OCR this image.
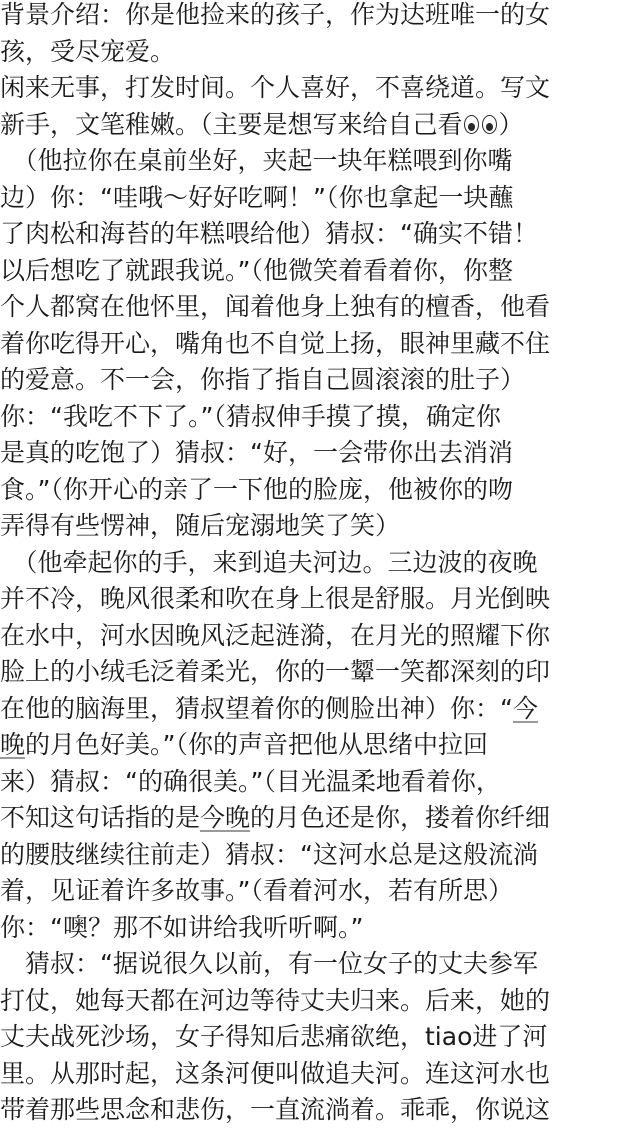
背景介绍：你是他捡来的孩子，作为达班唯一的女
孩，受尽宠爱。
闲来无事，打发时间。个人喜好，不喜绕道。写文
新手，文笔稚嫩。（主要是想写来给自己看 ）
　（他拉你在桌前坐好，夹起一块年糕喂到你嘴
边）你：“哇哦～好好吃啊！”（你也拿起一块蘸
了肉松和海苔的年糕喂给他）猜叔：“确实不错！
以后想吃了就跟我说。”（他微笑着看着你，你整
个人都窝在他怀里，闻着他身上独有的檀香，他看
着你吃得开心，嘴角也不自觉上扬，眼神里藏不住
的爱意。不一会，你指了指自己圆滚滚的肚子）
你：“我吃不下了。”（猜叔伸手摸了摸，确定你
是真的吃饱了）猜叔：“好，一会带你出去消消
食。”（你开心的亲了一下他的脸庞，他被你的吻
弄得有些愣神，随后宠溺地笑了笑）
　（他牵起你的手，来到追夫河边。三边波的夜晚
并不冷，晚风很柔和吹在身上很是舒服。月光倒映
在水中，河水因晚风泛起涟漪，在月光的照耀下你
脸上的小绒毛泛着柔光，你的一颦一笑都深刻的印
在他的脑海里，猜叔望着你的侧脸出神）你：“今
晚的月色好美。”（你的声音把他从思绪中拉回
来）猜叔：“的确很美。”（目光温柔地看着你，
不知这句话指的是今晚的月色还是你，搂着你纤细
的腰肢继续往前走）猜叔：“这河水总是这般流淌
着，见证着许多故事。”（看着河水，若有所思）
你：“噢？那不如讲给我听听啊。”
　猜叔：“据说很久以前，有一位女子的丈夫参军
打仗，她每天都在河边等待丈夫归来。后来，她的
丈夫战死沙场，女子得知后悲痛欲绝，tiao进了河
里。从那时起，这条河便叫做追夫河。连这河水也
带着那些思念和悲伤，一直流淌着。乖乖，你说这
